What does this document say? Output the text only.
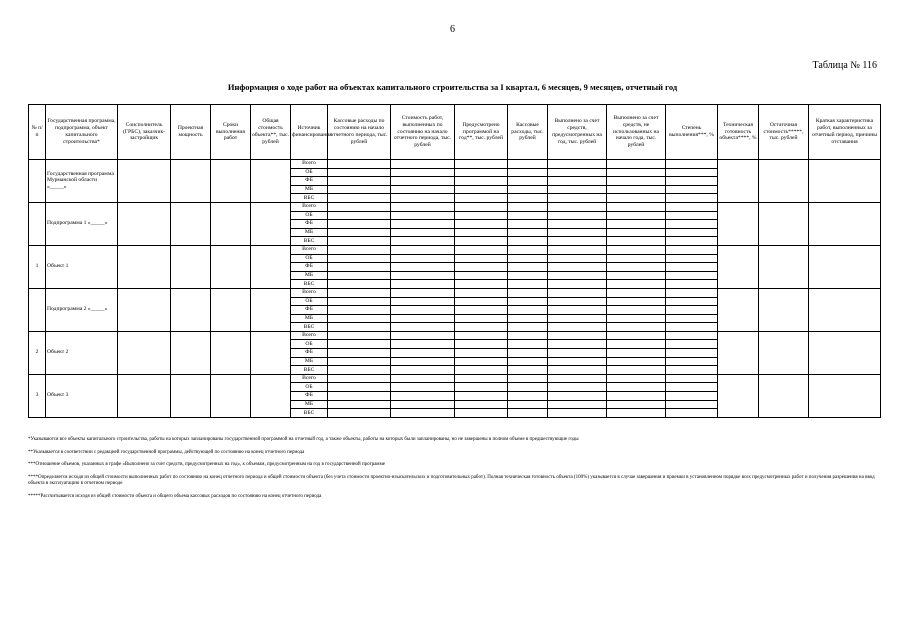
6
Таблица № 116
Информация о ходе работ на объектах капитального строительства за I квартал, 6 месяцев, 9 месяцев, отчетный год
№ п/п	Государственная программа, подпрограмма, объект капитального строительства*	Соисполнитель (ГРБС), заказчик-застройщик	Проектная мощность	Сроки выполнения работ	Общая стоимость объекта**, тыс. рублей	Источник финансирования	Кассовые расходы по состоянию на начало отчетного периода, тыс. рублей	Стоимость работ, выполненных по состоянию на начало отчетного периода, тыс. рублей	Предусмотрено программой на год**, тыс. рублей	Кассовые расходы, тыс. рублей	Выполнено за счет средств, предусмотренных на год, тыс. рублей	Выполнено за счет средств, не использованных на начало года, тыс. рублей	Степень выполнения***, %	Техническая готовность объекта****, %	Остаточная стоимость*****, тыс. рублей	Краткая характеристика работ, выполненных за отчетный период, причины отставания
	Государственная программа Мурманской области «_____»					Всего										
						ОБ										
						ФБ										
						МБ										
						ВБС										
	Подпрограмма 1 «_____»					Всего										
						ОБ										
						ФБ										
						МБ										
						ВБС										
1	Объект 1					Всего										
						ОБ										
						ФБ										
						МБ										
						ВБС										
	Подпрограмма 2 «_____»					Всего										
						ОБ										
						ФБ										
						МБ										
						ВБС										
2	Объект 2					Всего										
						ОБ										
						ФБ										
						МБ										
						ВБС										
3	Объект 3					Всего										
						ОБ										
						ФБ										
						МБ										
						ВБС										

*Указываются все объекты капитального строительства, работы на которых запланированы государственной программой на отчетный год, а также объекты, работы на которых были запланированы, но не завершены в полном объеме в предшествующие годы

**Указывается в соответствии с редакцией государственной программы, действующей по состоянию на конец отчетного периода

***Отношение объемов, указанных в графе «Выполнено за счет средств, предусмотренных на год», к объемам, предусмотренным на год в государственной программе

****Определяется исходя из общей стоимости выполненных работ по состоянию на конец отчетного периода и общей стоимости объекта (без учета стоимости проектно-изыскательских и подготовительных работ). Полная техническая готовность объекта (100%) указывается в случае завершения и приемки в установленном порядке всех предусмотренных работ и получения разрешения на ввод объекта в эксплуатацию в отчетном периоде

*****Рассчитывается исходя из общей стоимости объекта и общего объема кассовых расходов по состоянию на конец отчетного периода
